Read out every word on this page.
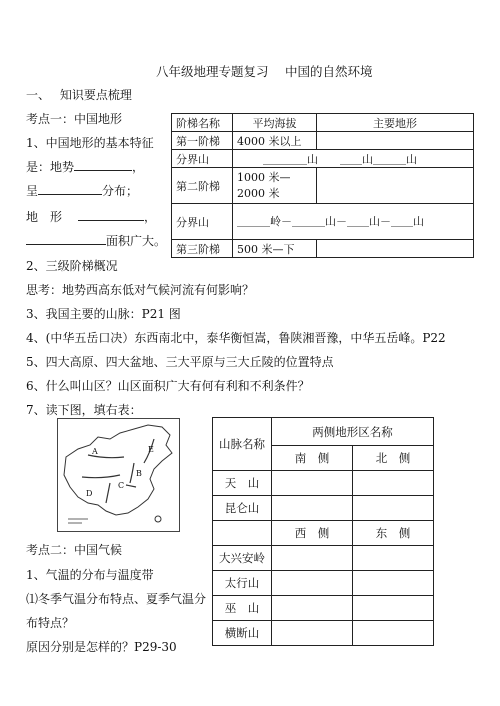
八年级地理专题复习　 中国的自然环境
一、　 知识要点梳理
考点一：中国地形
1、中国地形的基本特征
是：地势	，
呈	分布；
地　形	，
面积广大。
阶梯名称	平均海拔	主要地形
第一阶梯	4000 米以上	
分界山	＿＿＿＿山　　＿＿山＿＿＿山	
第二阶梯	1000 米—2000 米	
分界山	＿＿＿岭－＿＿＿山－＿＿山－＿＿山	
第三阶梯	500 米—下	
2、三级阶梯概况
思考：地势西高东低对气候河流有何影响？
3、我国主要的山脉：P21 图
4、(中华五岳口决）东西南北中，泰华衡恒嵩，鲁陕湘晋豫，中华五岳峰。P22
5、四大高原、四大盆地、三大平原与三大丘陵的位置特点
6、什么叫山区？山区面积广大有何有利和不利条件？
7、读下图，填右表：
A
B
C
D
E	山脉名称	两侧地形区名称	
	南　侧	北　侧
天　山		
昆仑山		
	西　侧	东　侧
大兴安岭		
太行山		
巫　山		
横断山		
考点二：中国气候
1、气温的分布与温度带
⑴冬季气温分布特点、夏季气温分
布特点？
原因分别是怎样的？P29-30
